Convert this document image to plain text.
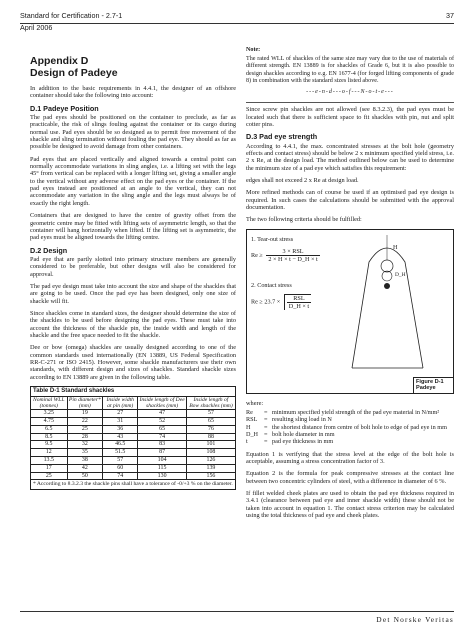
Standard for Certification - 2.7-1	37
April 2006
Appendix D
Design of Padeye

In addition to the basic requirements in 4.4.1, the designer of an offshore container should take the following into account:

D.1 Padeye Position

The pad eyes should be positioned on the container to preclude, as far as practicable, the risk of slings fouling against the container or its cargo during normal use. Pad eyes should be so designed as to permit free movement of the shackle and sling termination without fouling the pad eye. They should as far as possible be designed to avoid damage from other containers.

Pad eyes that are placed vertically and aligned towards a central point can normally accommodate variations in sling angles, i.e. a lifting set with the legs 45° from vertical can be replaced with a longer lifting set, giving a smaller angle to the vertical without any adverse effect on the pad eyes or the container. If the pad eyes instead are positioned at an angle to the vertical, they can not accommodate any variation in the sling angle and the legs must always be of exactly the right length.

Containers that are designed to have the centre of gravity offset from the geometric centre may be fitted with lifting sets of asymmetric length, so that the container will hang horizontally when lifted. If the lifting set is asymmetric, the pad eyes must be aligned towards the lifting centre.

D.2 Design

Pad eye that are partly slotted into primary structure members are generally considered to be preferable, but other designs will also be considered for approval.

The pad eye design must take into account the size and shape of the shackles that are going to be used. Once the pad eye has been designed, only one size of shackle will fit.

Since shackles come in standard sizes, the designer should determine the size of the shackles to be used before designing the pad eyes. These must take into account the thickness of the shackle pin, the inside width and length of the shackle and the free space needed to fit the shackle.

Dee or bow (omega) shackles are usually designed according to one of the common standards used internationally (EN 13889, US Federal Specification RR-C-271 or ISO 2415). However, some shackle manufacturers use their own standards, with different design and sizes of shackles. Standard shackle sizes according to EN 13889 are given in the following table.

Table D-1 Standard shackles				
Nominal WLL (tonnes)	Pin diameter* (mm)	Inside width at pin (mm)	Inside length of Dee shackles (mm)	Inside length of Bow shackles (mm)
3.25	19	27	47	57
4.75	22	31	52	65
6.5	25	36	65	76
8.5	28	43	74	88
9.5	32	46.5	83	101
12	35	51.5	87	108
13.5	38	57	104	126
17	42	60	115	139
25	50	74	130	156
* According to 8.3.2.3 the shackle pins shall have a tolerance of -0/+3 % on the diameter.				
Note:
The rated WLL of shackles of the same size may vary due to the use of materials of different strength. EN 13889 is for shackles of Grade 6, but it is also possible to design shackles according to e.g. EN 1677-4 (for forged lifting components of grade 8) in combination with the standard sizes listed above.
---e-n-d---o-f---N-o-t-e---

Since screw pin shackles are not allowed (see 8.3.2.3), the pad eyes must be located such that there is sufficient space to fit shackles with pin, nut and split cotter pins.

D.3 Pad eye strength

According to 4.4.1, the max. concentrated stresses at the bolt hole (geometry effects and contact stress) should be below 2 x minimum specified yield stress, i.e. 2 x Re, at the design load. The method outlined below can be used to determine the minimum size of a pad eye which satisfies this requirement:

edges shall not exceed 2 x Re at design load.

More refined methods can of course be used if an optimised pad eye design is required. In such cases the calculations should be submitted with the approval documentation.

The two following criteria should be fulfilled:

1. Tear-out stress
Re ≥
3 × RSL
2 × H × t − D_H × t
2. Contact stress
Re ≥ 23.7 ×	RSL
D_H × t
H
D_H
Figure D-1
Padeye
where:
Re	= minimum specified yield strength of the pad eye material in N/mm²
RSL	= resulting sling load in N
H	= the shortest distance from centre of bolt hole to edge of pad eye in mm
D_H = bolt hole diameter in mm
t	= pad eye thickness in mm

Equation 1 is verifying that the stress level at the edge of the bolt hole is acceptable, assuming a stress concentration factor of 3.

Equation 2 is the formula for peak compressive stresses at the contact line between two concentric cylinders of steel, with a difference in diameter of 6 %.

If fillet welded cheek plates are used to obtain the pad eye thickness required in 3.4.1 (clearance between pad eye and inner shackle width) these should not be taken into account in equation 1. The contact stress criterion may be calculated using the total thickness of pad eye and cheek plates.

Det Norske Veritas
